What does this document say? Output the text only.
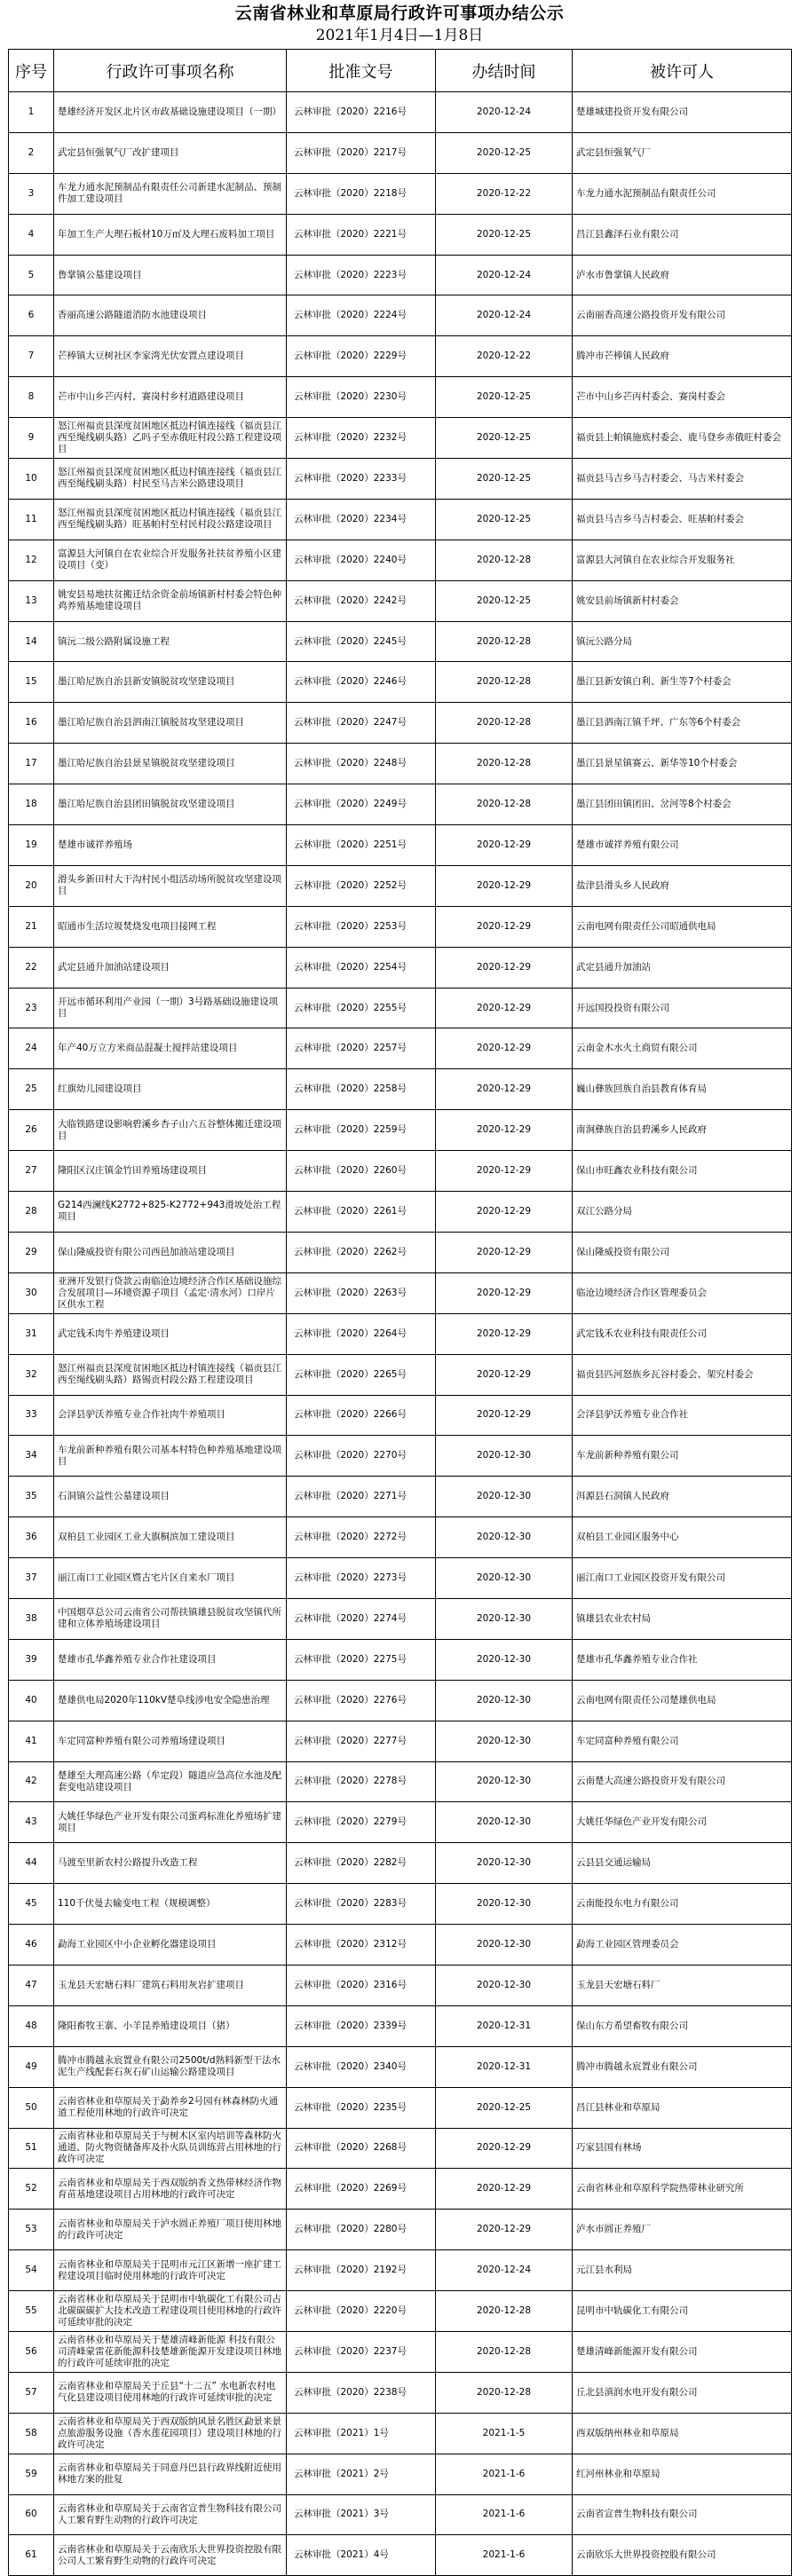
云南省林业和草原局行政许可事项办结公示
2021年1月4日—1月8日
序号	行政许可事项名称	批准文号	办结时间	被许可人
1	楚雄经济开发区北片区市政基础设施建设项目（一期）	云林审批（2020）2216号	2020-12-24	楚雄城建投资开发有限公司
2	武定县恒强氧气厂改扩建项目	云林审批（2020）2217号	2020-12-25	武定县恒强氧气厂
3	车龙力通水泥预制品有限责任公司新建水泥制品、预制件加工建设项目	云林审批（2020）2218号	2020-12-22	车龙力通水泥预制品有限责任公司
4	年加工生产大理石板材10万㎡及大理石废料加工项目	云林审批（2020）2221号	2020-12-25	昌江县鑫泽石业有限公司
5	鲁掌镇公墓建设项目	云林审批（2020）2223号	2020-12-24	泸水市鲁掌镇人民政府
6	香丽高速公路隧道消防水池建设项目	云林审批（2020）2224号	2020-12-24	云南丽香高速公路投资开发有限公司
7	芒棒镇大豆树社区李家湾光伏安置点建设项目	云林审批（2020）2229号	2020-12-22	腾冲市芒棒镇人民政府
8	芒市中山乡芒丙村、赛岗村乡村道路建设项目	云林审批（2020）2230号	2020-12-25	芒市中山乡芒丙村委会、赛岗村委会
9	怒江州福贡县深度贫困地区抵边村镇连接线（福贡县江西至绳线刷头路）乙吗子至赤俄旺村段公路工程建设项目	云林审批（2020）2232号	2020-12-25	福贡县上帕镇施底村委会、鹿马登乡赤俄旺村委会
10	怒江州福贡县深度贫困地区抵边村镇连接线（福贡县江西至绳线刷头路）村民至马吉米公路建设项目	云林审批（2020）2233号	2020-12-25	福贡县马吉乡马吉村委会、马吉米村委会
11	怒江州福贡县深度贫困地区抵边村镇连接线（福贡县江西至绳线刷头路）旺基帕村至村民村段公路建设项目	云林审批（2020）2234号	2020-12-25	福贡县马吉乡马吉村委会、旺基帕村委会
12	富源县大河镇自在农业综合开发服务社扶贫养殖小区建设项目（变）	云林审批（2020）2240号	2020-12-28	富源县大河镇自在农业综合开发服务社
13	姚安县易地扶贫搬迁结余资金前场镇新村村委会特色种鸡养殖基地建设项目	云林审批（2020）2242号	2020-12-25	姚安县前场镇新村村委会
14	镇沅二级公路附属设施工程	云林审批（2020）2245号	2020-12-28	镇沅公路分局
15	墨江哈尼族自治县新安镇脱贫攻坚建设项目	云林审批（2020）2246号	2020-12-28	墨江县新安镇白利、新生等7个村委会
16	墨江哈尼族自治县泗南江镇脱贫攻坚建设项目	云林审批（2020）2247号	2020-12-28	墨江县泗南江镇千坪、广东等6个村委会
17	墨江哈尼族自治县景星镇脱贫攻坚建设项目	云林审批（2020）2248号	2020-12-28	墨江县景星镇赛云、新华等10个村委会
18	墨江哈尼族自治县团田镇脱贫攻坚建设项目	云林审批（2020）2249号	2020-12-28	墨江县团田镇团田、岔河等8个村委会
19	楚雄市诚祥养殖场	云林审批（2020）2251号	2020-12-29	楚雄市诚祥养殖有限公司
20	滑头乡新田村大干沟村民小组活动场所脱贫攻坚建设项目	云林审批（2020）2252号	2020-12-29	盐津县滑头乡人民政府
21	昭通市生活垃圾焚烧发电项目接网工程	云林审批（2020）2253号	2020-12-29	云南电网有限责任公司昭通供电局
22	武定县通升加油站建设项目	云林审批（2020）2254号	2020-12-29	武定县通升加油站
23	开远市循环利用产业园（一期）3号路基础设施建设项目	云林审批（2020）2255号	2020-12-29	开远国投投资有限公司
24	年产40万立方米商品混凝土搅拌站建设项目	云林审批（2020）2257号	2020-12-29	云南金木水火土商贸有限公司
25	红旗幼儿园建设项目	云林审批（2020）2258号	2020-12-29	巍山彝族回族自治县教育体育局
26	大临铁路建设影响碧溪乡杏子山六五谷整体搬迁建设项目	云林审批（2020）2259号	2020-12-29	南涧彝族自治县碧溪乡人民政府
27	隆阳区汉庄镇金竹田养殖场建设项目	云林审批（2020）2260号	2020-12-29	保山市旺鑫农业科技有限公司
28	G214西澜线K2772+825-K2772+943滑坡处治工程项目	云林审批（2020）2261号	2020-12-29	双江公路分局
29	保山隆威投资有限公司西邑加油站建设项目	云林审批（2020）2262号	2020-12-29	保山隆威投资有限公司
30	亚洲开发银行贷款云南临沧边境经济合作区基础设施综合发展项目—环境资源子项目（孟定·清水河）口岸片区供水工程	云林审批（2020）2263号	2020-12-29	临沧边境经济合作区管理委员会
31	武定钱禾肉牛养殖建设项目	云林审批（2020）2264号	2020-12-29	武定钱禾农业科技有限责任公司
32	怒江州福贡县深度贫困地区抵边村镇连接线（福贡县江西至绳线刷头路）路锡贡村段公路工程建设项目	云林审批（2020）2265号	2020-12-29	福贡县匹河怒族乡瓦谷村委会、架究村委会
33	会泽县驴沃养殖专业合作社肉牛养殖项目	云林审批（2020）2266号	2020-12-29	会泽县驴沃养殖专业合作社
34	车龙前新种养殖有限公司基本村特色种养殖基地建设项目	云林审批（2020）2270号	2020-12-30	车龙前新种养殖有限公司
35	石洞镇公益性公墓建设项目	云林审批（2020）2271号	2020-12-30	洱源县石洞镇人民政府
36	双柏县工业园区工业大旗桐滨加工建设项目	云林审批（2020）2272号	2020-12-30	双柏县工业园区服务中心
37	丽江南口工业园区暨古宅片区自来水厂项目	云林审批（2020）2273号	2020-12-30	丽江南口工业园区投资开发有限公司
38	中国烟草总公司云南省公司帮扶镇雄县脱贫攻坚镇代所建和立体养殖场建设项目	云林审批（2020）2274号	2020-12-30	镇雄县农业农村局
39	楚雄市孔华鑫养殖专业合作社建设项目	云林审批（2020）2275号	2020-12-30	楚雄市孔华鑫养殖专业合作社
40	楚雄供电局2020年110kV楚阜线涉电安全隐患治理	云林审批（2020）2276号	2020-12-30	云南电网有限责任公司楚雄供电局
41	车定同富种养殖有限公司养殖场建设项目	云林审批（2020）2277号	2020-12-30	车定同富种养殖有限公司
42	楚雄至大理高速公路（牟定段）隧道应急高位水池及配套变电站建设项目	云林审批（2020）2278号	2020-12-30	云南楚大高速公路投资开发有限公司
43	大姚任华绿色产业开发有限公司蛋鸡标准化养殖场扩建项目	云林审批（2020）2279号	2020-12-30	大姚任华绿色产业开发有限公司
44	马渡至里新农村公路提升改造工程	云林审批（2020）2282号	2020-12-30	云县县交通运输局
45	110千伏曼去输变电工程（规模调整）	云林审批（2020）2283号	2020-12-30	云南能投东电力有限公司
46	勐海工业园区中小企业孵化器建设项目	云林审批（2020）2312号	2020-12-30	勐海工业园区管理委员会
47	玉龙县天宏塘石料厂建筑石料用灰岩扩建项目	云林审批（2020）2316号	2020-12-30	玉龙县天宏塘石料厂
48	隆阳畜牧王寨、小羊昆养殖建设项目（猪）	云林审批（2020）2339号	2020-12-31	保山东方希望畜牧有限公司
49	腾冲市腾越永宸置业有限公司2500t/d熟料新型干法水泥生产线配套石灰石矿山运输公路建设项目	云林审批（2020）2340号	2020-12-31	腾冲市腾越永宸置业有限公司
50	云南省林业和草原局关于勐养乡2号园有林森林防火通道工程使用林地的行政许可决定	云林审批（2020）2235号	2020-12-25	昌江县林业和草原局
51	云南省林业和草原局关于与树木区室内培训等森林防火通道、防火物资储备库及扑火队员训练营占用林地的行政许可决定	云林审批（2020）2268号	2020-12-29	巧家县国有林场
52	云南省林业和草原局关于西双版纳香文热带林经济作物育苗基地建设项目占用林地的行政许可决定	云林审批（2020）2269号	2020-12-29	云南省林业和草原科学院热带林业研究所
53	云南省林业和草原局关于泸水圆正养殖厂项目使用林地的行政许可决定	云林审批（2020）2280号	2020-12-29	泸水市圆正养殖厂
54	云南省林业和草原局关于昆明市元江区新增一座扩建工程建设项目临时使用林地的行政许可决定	云林审批（2020）2192号	2020-12-24	元江县水利局
55	云南省林业和草原局关于昆明市中轨碳化工有限公司占北碳碳碳扩大技术改造工程建设项目使用林地的行政许可延续审批的决定	云林审批（2020）2220号	2020-12-28	昆明市中轨碳化工有限公司
56	云南省林业和草原局关于楚雄清峰新能源 科技有限公司清峰蒙雷花新能源科技楚雄新能源开发建设项目林地的行政许可延续审批的决定	云林审批（2020）2237号	2020-12-28	楚雄清峰新能源开发有限公司
57	云南省林业和草原局关于丘县“十二五” 水电新农村电气化县建设项目使用林地的行政许可延续审批的决定	云林审批（2020）2238号	2020-12-28	丘北县滇润水电开发有限公司
58	云南省林业和草原局关于西双版纳风景名胜区勐景来景点旅游服务设施（香水莲花园项目）建设项目林地的行政许可决定	云林审批（2021）1号	2021-1-5	西双版纳州林业和草原局
59	云南省林业和草原局关于同意丹巴县行政界线附近使用林地方案的批复	云林审批（2021）2号	2021-1-6	红河州林业和草原局
60	云南省林业和草原局关于云南省宣普生物科技有限公司人工繁育野生动物的行政许可决定	云林审批（2021）3号	2021-1-6	云南省宣普生物科技有限公司
61	云南省林业和草原局关于云南欣乐大世界投资控股有限公司人工繁育野生动物的行政许可决定	云林审批（2021）4号	2021-1-6	云南欣乐大世界投资控股有限公司
